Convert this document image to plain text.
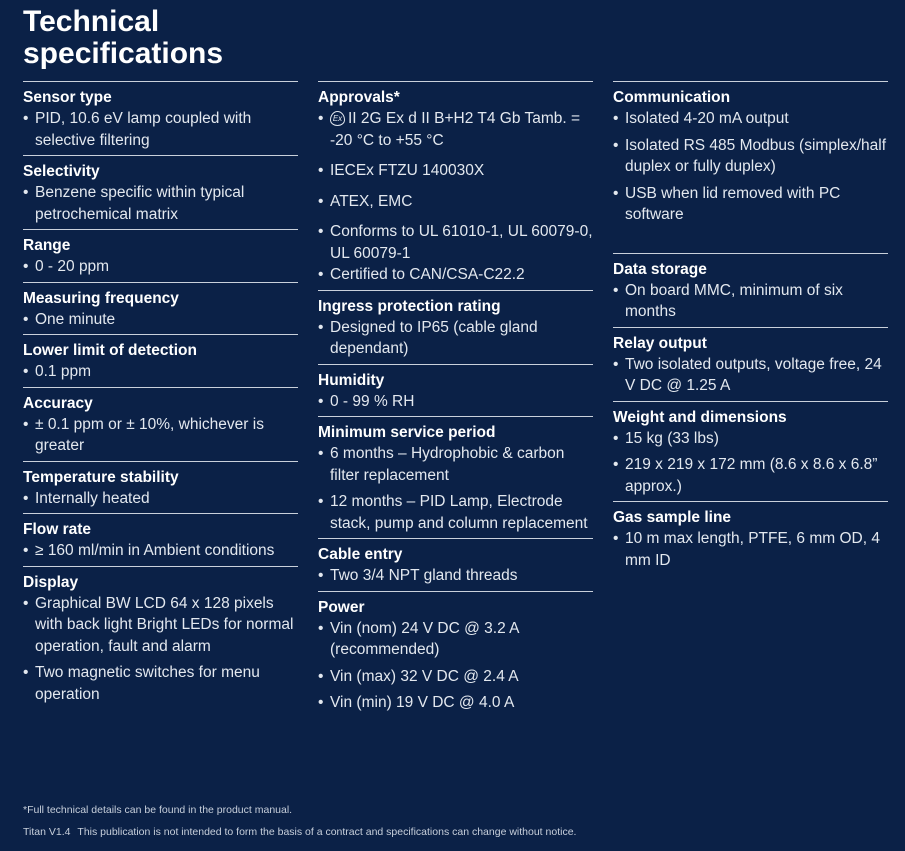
Technical specifications
Sensor type
• PID, 10.6 eV lamp coupled with selective filtering
Selectivity
• Benzene specific within typical petrochemical matrix
Range
• 0 - 20 ppm
Measuring frequency
• One minute
Lower limit of detection
• 0.1 ppm
Accuracy
• ± 0.1 ppm or ± 10%, whichever is greater
Temperature stability
• Internally heated
Flow rate
• ≥ 160 ml/min in Ambient conditions
Display
• Graphical BW LCD 64 x 128 pixels with back light Bright LEDs for normal operation, fault and alarm
• Two magnetic switches for menu operation
Approvals*
• Ex II 2G Ex d II B+H2 T4 Gb Tamb. = -20 °C to +55 °C
• IECEx FTZU 140030X
• ATEX, EMC
• Conforms to UL 61010-1, UL 60079-0, UL 60079-1
• Certified to CAN/CSA-C22.2
Ingress protection rating
• Designed to IP65 (cable gland dependant)
Humidity
• 0 - 99 % RH
Minimum service period
• 6 months – Hydrophobic & carbon filter replacement
• 12 months – PID Lamp, Electrode stack, pump and column replacement
Cable entry
• Two 3/4 NPT gland threads
Power
• Vin (nom) 24 V DC @ 3.2 A (recommended)
• Vin (max) 32 V DC @ 2.4 A
• Vin (min) 19 V DC @ 4.0 A
Communication
• Isolated 4-20 mA output
• Isolated RS 485 Modbus (simplex/half duplex or fully duplex)
• USB when lid removed with PC software
Data storage
• On board MMC, minimum of six months
Relay output
• Two isolated outputs, voltage free, 24 V DC @ 1.25 A
Weight and dimensions
• 15 kg (33 lbs)
• 219 x 219 x 172 mm (8.6 x 8.6 x 6.8” approx.)
Gas sample line
• 10 m max length, PTFE, 6 mm OD, 4 mm ID

*Full technical details can be found in the product manual.

Titan V1.4 This publication is not intended to form the basis of a contract and specifications can change without notice.
